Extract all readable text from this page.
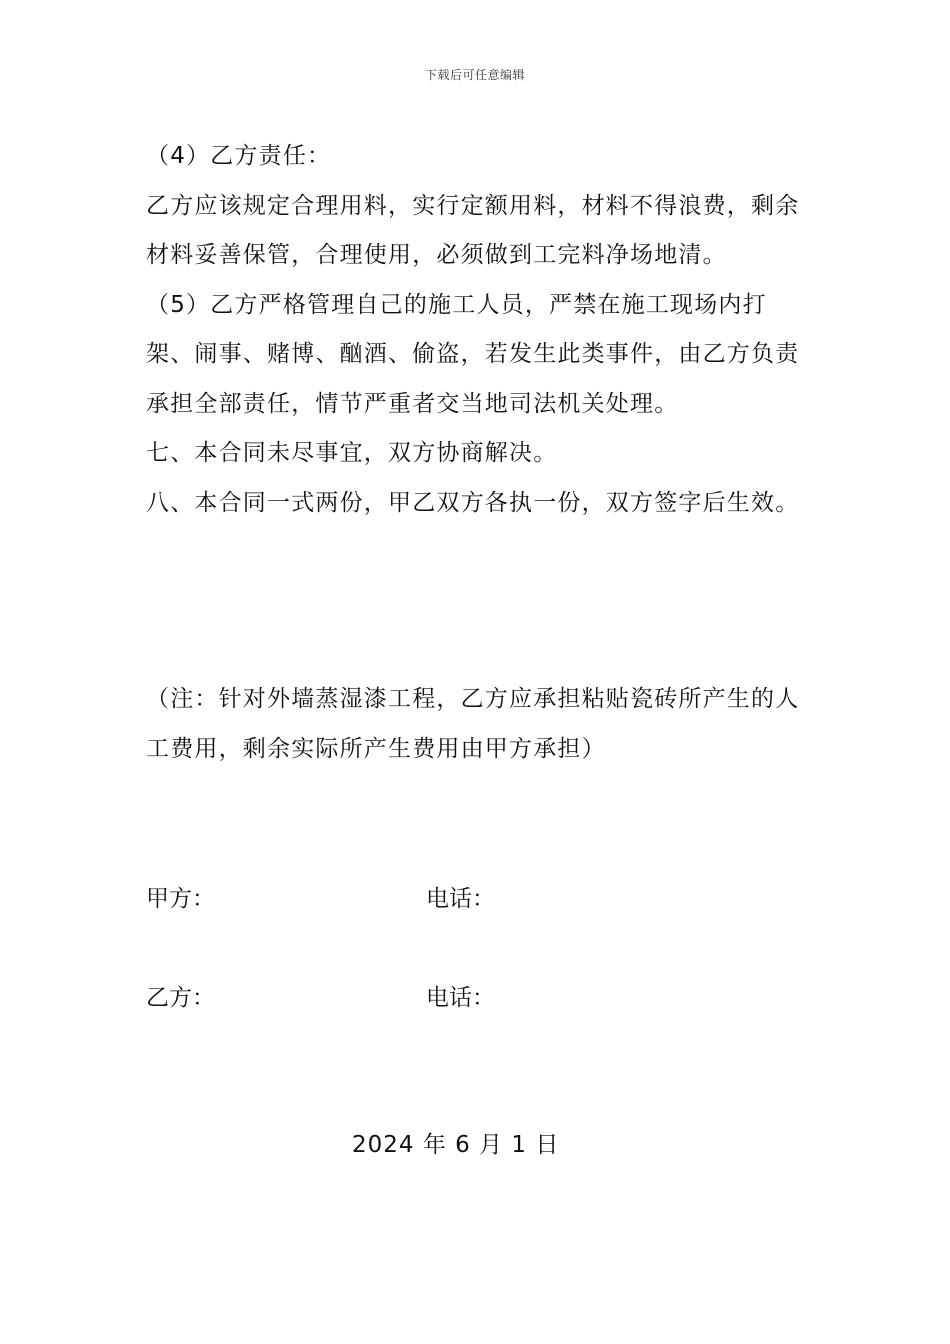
下载后可任意编辑

（4）乙方责任：

乙方应该规定合理用料，实行定额用料，材料不得浪费，剩余材料妥善保管，合理使用，必须做到工完料净场地清。

（5）乙方严格管理自己的施工人员，严禁在施工现场内打架、闹事、赌博、酗酒、偷盗，若发生此类事件，由乙方负责承担全部责任，情节严重者交当地司法机关处理。

七、本合同未尽事宜，双方协商解决。

八、本合同一式两份，甲乙双方各执一份，双方签字后生效。

（注：针对外墙蒸湿漆工程，乙方应承担粘贴瓷砖所产生的人工费用，剩余实际所产生费用由甲方承担）
甲方：	电话：
乙方：	电话：
2024 年 6 月 1 日
